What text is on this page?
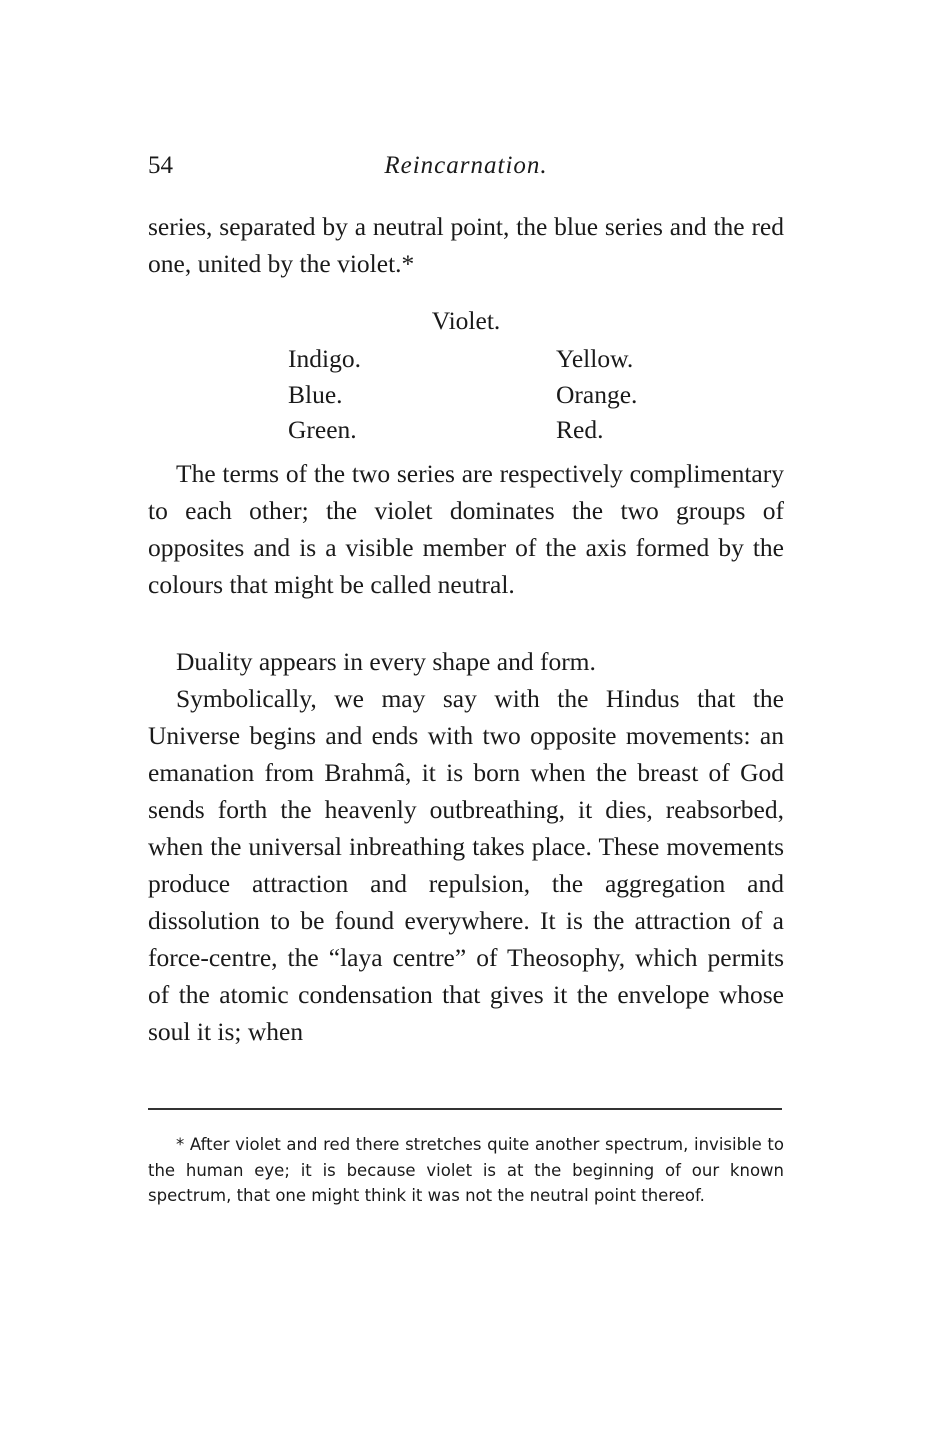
54	Reincarnation.

series, separated by a neutral point, the blue series and the red one, united by the violet.*

Violet.
Indigo.
Blue.
Green.
Yellow.
Orange.
Red.

The terms of the two series are respectively complimentary to each other; the violet dominates the two groups of opposites and is a visible member of the axis formed by the colours that might be called neutral.

Duality appears in every shape and form.

Symbolically, we may say with the Hindus that the Universe begins and ends with two opposite movements: an emanation from Brahmâ, it is born when the breast of God sends forth the heavenly outbreathing, it dies, reabsorbed, when the universal inbreathing takes place. These movements produce attraction and repulsion, the aggregation and dissolution to be found everywhere. It is the attraction of a force-centre, the “laya centre” of Theosophy, which permits of the atomic condensation that gives it the envelope whose soul it is; when

* After violet and red there stretches quite another spectrum, invisible to the human eye; it is because violet is at the beginning of our known spectrum, that one might think it was not the neutral point thereof.
